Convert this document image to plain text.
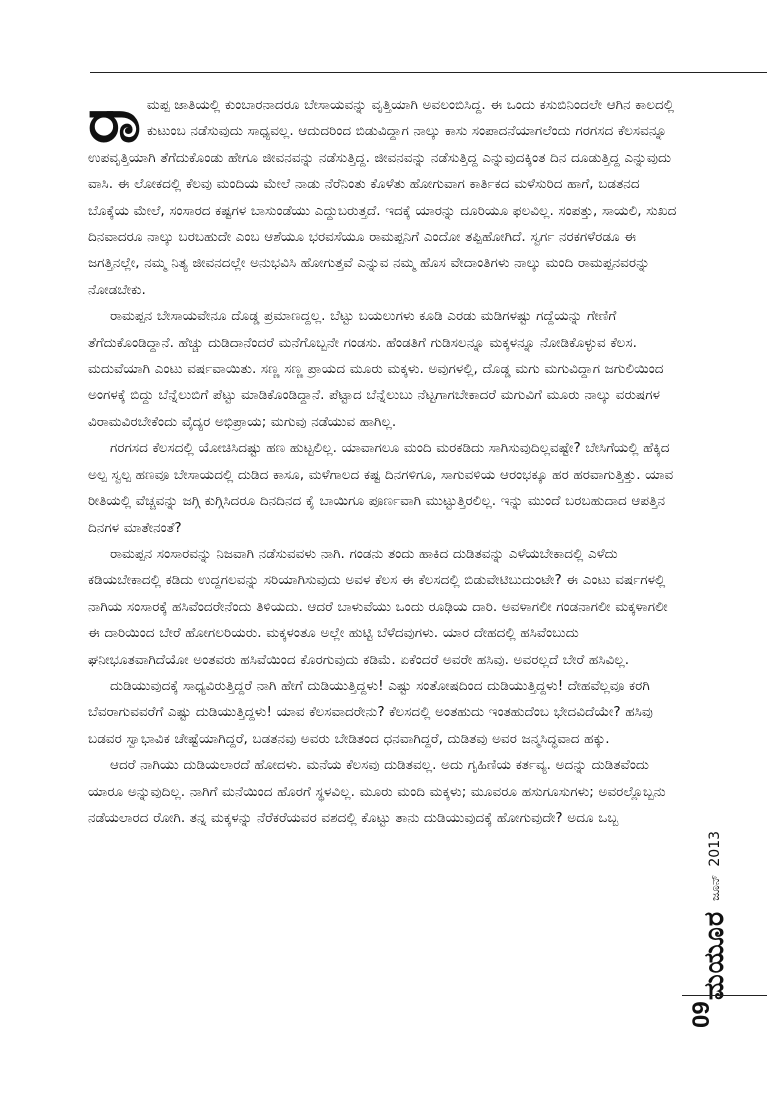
ರಾಮಪ್ಪ ಜಾತಿಯಲ್ಲಿ ಕುಂಬಾರನಾದರೂ ಬೇಸಾಯವನ್ನು ವೃತ್ತಿಯಾಗಿ ಅವಲಂಬಿಸಿದ್ದ. ಈ ಒಂದು ಕಸುಬಿನಿಂದಲೇ ಆಗಿನ ಕಾಲದಲ್ಲಿ ಕುಟುಂಬ ನಡೆಸುವುದು ಸಾಧ್ಯವಲ್ಲ. ಆದುದರಿಂದ ಬಿಡುವಿದ್ದಾಗ ನಾಲ್ಕು ಕಾಸು ಸಂಪಾದನೆಯಾಗಲೆಂದು ಗರಗಸದ ಕೆಲಸವನ್ನೂ ಉಪವೃತ್ತಿಯಾಗಿ ತೆಗೆದುಕೊಂಡು ಹೇಗೂ ಜೀವನವನ್ನು ನಡೆಸುತ್ತಿದ್ದ. ಜೀವನವನ್ನು ನಡೆಸುತ್ತಿದ್ದ ಎನ್ನುವುದಕ್ಕಿಂತ ದಿನ ದೂಡುತ್ತಿದ್ದ ಎನ್ನುವುದು ವಾಸಿ. ಈ ಲೋಕದಲ್ಲಿ ಕೆಲವು ಮಂದಿಯ ಮೇಲೆ ನಾಡು ನೆರೆನಿಂತು ಕೊಳೆತು ಹೋಗುವಾಗ ಕಾರ್ತಿಕದ ಮಳೆಸುರಿದ ಹಾಗೆ, ಬಡತನದ ಬೊಕ್ಕೆಯ ಮೇಲೆ, ಸಂಸಾರದ ಕಷ್ಟಗಳ ಬಾಸುಂಡೆಯು ಎದ್ದುಬರುತ್ತದೆ. ಇದಕ್ಕೆ ಯಾರನ್ನು ದೂರಿಯೂ ಫಲವಿಲ್ಲ. ಸಂಪತ್ತು, ಸಾಯಲಿ, ಸುಖದ ದಿನವಾದರೂ ನಾಲ್ಕು ಬರಬಹುದೇ ಎಂಬ ಆಶೆಯೂ ಭರವಸೆಯೂ ರಾಮಪ್ಪನಿಗೆ ಎಂದೋ ತಪ್ಪಿಹೋಗಿದೆ. ಸ್ವರ್ಗ ನರಕಗಳೆರಡೂ ಈ ಜಗತ್ತಿನಲ್ಲೇ, ನಮ್ಮ ನಿತ್ಯ ಜೀವನದಲ್ಲೇ ಅನುಭವಿಸಿ ಹೋಗುತ್ತವೆ ಎನ್ನುವ ನಮ್ಮ ಹೊಸ ವೇದಾಂತಿಗಳು ನಾಲ್ಕು ಮಂದಿ ರಾಮಪ್ಪನವರನ್ನು ನೋಡಬೇಕು.

ರಾಮಪ್ಪನ ಬೇಸಾಯವೇನೂ ದೊಡ್ಡ ಪ್ರಮಾಣದ್ದಲ್ಲ. ಬೆಟ್ಟು ಬಯಲುಗಳು ಕೂಡಿ ಎರಡು ಮಡಿಗಳಷ್ಟು ಗದ್ದೆಯನ್ನು ಗೇಣಿಗೆ ತೆಗೆದುಕೊಂಡಿದ್ದಾನೆ. ಹೆಚ್ಚು ದುಡಿದಾನೆಂದರೆ ಮನೆಗೊಬ್ಬನೇ ಗಂಡಸು. ಹೆಂಡತಿಗೆ ಗುಡಿಸಲನ್ನೂ ಮಕ್ಕಳನ್ನೂ ನೋಡಿಕೊಳ್ಳುವ ಕೆಲಸ. ಮದುವೆಯಾಗಿ ಎಂಟು ವರ್ಷವಾಯಿತು. ಸಣ್ಣ ಸಣ್ಣ ಪ್ರಾಯದ ಮೂರು ಮಕ್ಕಳು. ಅವುಗಳಲ್ಲಿ, ದೊಡ್ಡ ಮಗು ಮಗುವಿದ್ದಾಗ ಜಗುಲಿಯಿಂದ ಅಂಗಳಕ್ಕೆ ಬಿದ್ದು ಬೆನ್ನೆಲುಬಿಗೆ ಪೆಟ್ಟು ಮಾಡಿಕೊಂಡಿದ್ದಾನೆ. ಪೆಟ್ಟಾದ ಬೆನ್ನೆಲುಬು ನೆಟ್ಟಗಾಗಬೇಕಾದರೆ ಮಗುವಿಗೆ ಮೂರು ನಾಲ್ಕು ವರುಷಗಳ ವಿರಾಮವಿರಬೇಕೆಂದು ವೈದ್ಯರ ಅಭಿಪ್ರಾಯ; ಮಗುವು ನಡೆಯುವ ಹಾಗಿಲ್ಲ.

ಗರಗಸದ ಕೆಲಸದಲ್ಲಿ ಯೋಚಿಸಿದಷ್ಟು ಹಣ ಹುಟ್ಟಲಿಲ್ಲ. ಯಾವಾಗಲೂ ಮಂದಿ ಮರಕಡಿದು ಸಾಗಿಸುವುದಿಲ್ಲವಷ್ಟೇ? ಬೇಸಿಗೆಯಲ್ಲಿ ಹೆಕ್ಕಿದ ಅಲ್ಪ ಸ್ವಲ್ಪ ಹಣವೂ ಬೇಸಾಯದಲ್ಲಿ ದುಡಿದ ಕಾಸೂ, ಮಳೆಗಾಲದ ಕಷ್ಟ ದಿನಗಳಿಗೂ, ಸಾಗುವಳಿಯ ಆರಂಭಕ್ಕೂ ಹರ ಹರವಾಗುತ್ತಿತ್ತು. ಯಾವ ರೀತಿಯಲ್ಲಿ ವೆಚ್ಚವನ್ನು ಜಗ್ಗಿ ಕುಗ್ಗಿಸಿದರೂ ದಿನದಿನದ ಕೈ ಬಾಯಿಗೂ ಪೂರ್ಣವಾಗಿ ಮುಟ್ಟುತ್ತಿರಲಿಲ್ಲ. ಇನ್ನು ಮುಂದೆ ಬರಬಹುದಾದ ಆಪತ್ತಿನ ದಿನಗಳ ಮಾತೇನಂತೆ?

ರಾಮಪ್ಪನ ಸಂಸಾರವನ್ನು ನಿಜವಾಗಿ ನಡೆಸುವವಳು ನಾಗಿ. ಗಂಡನು ತಂದು ಹಾಕಿದ ದುಡಿತವನ್ನು ಎಳೆಯಬೇಕಾದಲ್ಲಿ ಎಳೆದು ಕಡಿಯಬೇಕಾದಲ್ಲಿ ಕಡಿದು ಉದ್ದಗಲವನ್ನು ಸರಿಯಾಗಿಸುವುದು ಅವಳ ಕೆಲಸ ಈ ಕೆಲಸದಲ್ಲಿ ಬಿಡುವೇಟಿಬುದುಂಟೇ? ಈ ಎಂಟು ವರ್ಷಗಳಲ್ಲಿ ನಾಗಿಯ ಸಂಸಾರಕ್ಕೆ ಹಸಿವೆಂದರೇನೆಂದು ತಿಳಿಯದು. ಆದರೆ ಬಾಳುವೆಯು ಒಂದು ರೂಢಿಯ ದಾರಿ. ಅವಳಾಗಲೀ ಗಂಡನಾಗಲೀ ಮಕ್ಕಳಾಗಲೀ ಈ ದಾರಿಯಿಂದ ಬೇರೆ ಹೋಗಲರಿಯರು. ಮಕ್ಕಳಂತೂ ಅಲ್ಲೇ ಹುಟ್ಟಿ ಬೆಳೆದವುಗಳು. ಯಾರ ದೇಹದಲ್ಲಿ ಹಸಿವೆಂಬುದು ಘನೀಭೂತವಾಗಿದೆಯೋ ಅಂತವರು ಹಸಿವೆಯಿಂದ ಕೊರಗುವುದು ಕಡಿಮೆ. ಏಕೆಂದರೆ ಅವರೇ ಹಸಿವು. ಅವರಲ್ಲದೆ ಬೇರೆ ಹಸಿವಿಲ್ಲ.

ದುಡಿಯುವುದಕ್ಕೆ ಸಾಧ್ಯವಿರುತ್ತಿದ್ದರೆ ನಾಗಿ ಹೇಗೆ ದುಡಿಯುತ್ತಿದ್ದಳು! ಎಷ್ಟು ಸಂತೋಷದಿಂದ ದುಡಿಯುತ್ತಿದ್ದಳು! ದೇಹವೆಲ್ಲವೂ ಕರಗಿ ಬೆವರಾಗುವವರೆಗೆ ಎಷ್ಟು ದುಡಿಯುತ್ತಿದ್ದಳು! ಯಾವ ಕೆಲಸವಾದರೇನು? ಕೆಲಸದಲ್ಲಿ ಅಂತಹುದು ಇಂತಹುದೆಂಬ ಭೇದವಿದೆಯೇ? ಹಸಿವು ಬಡವರ ಸ್ವಾಭಾವಿಕ ಚೇಷ್ಟೆಯಾಗಿದ್ದರೆ, ಬಡತನವು ಅವರು ಬೇಡಿತಂದ ಧನವಾಗಿದ್ದರೆ, ದುಡಿತವು ಅವರ ಜನ್ಮಸಿದ್ಧವಾದ ಹಕ್ಕು.

ಆದರೆ ನಾಗಿಯು ದುಡಿಯಲಾರದೆ ಹೋದಳು. ಮನೆಯ ಕೆಲಸವು ದುಡಿತವಲ್ಲ. ಅದು ಗೃಹಿಣಿಯ ಕರ್ತವ್ಯ. ಅದನ್ನು ದುಡಿತವೆಂದು ಯಾರೂ ಅನ್ನುವುದಿಲ್ಲ. ನಾಗಿಗೆ ಮನೆಯಿಂದ ಹೊರಗೆ ಸ್ಥಳವಿಲ್ಲ. ಮೂರು ಮಂದಿ ಮಕ್ಕಳು; ಮೂವರೂ ಹಸುಗೂಸುಗಳು; ಅವರಲ್ಲೊಬ್ಬನು ನಡೆಯಲಾರದ ರೋಗಿ. ತನ್ನ ಮಕ್ಕಳನ್ನು ನೆರೆಕರೆಯವರ ವಶದಲ್ಲಿ ಕೊಟ್ಟು ತಾನು ದುಡಿಯುವುದಕ್ಕೆ ಹೋಗುವುದೇ? ಅದೂ ಒಬ್ಬ

ಮಯೂರ
ಜೂನ್
2013
09
